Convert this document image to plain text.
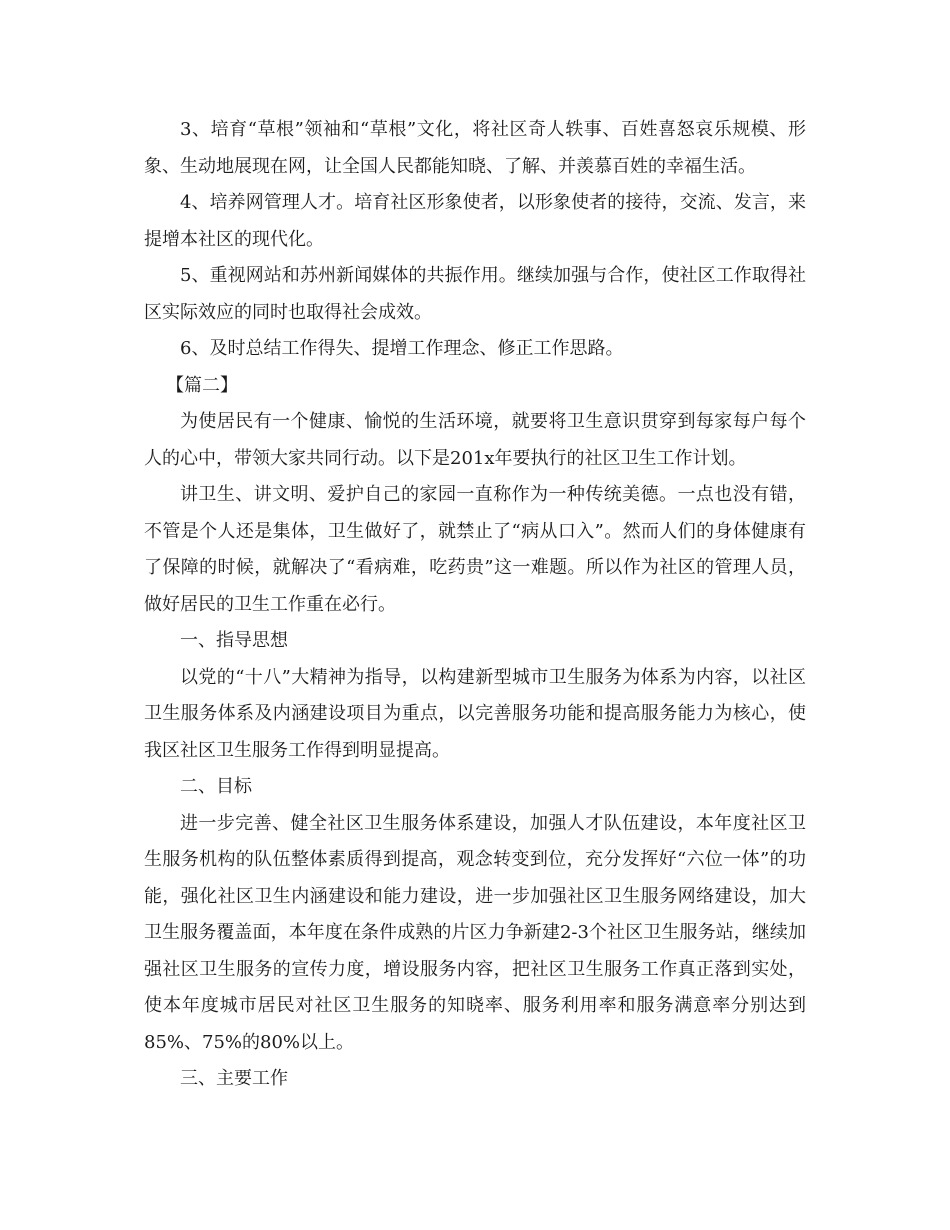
3、培育“草根”领袖和“草根”文化，将社区奇人轶事、百姓喜怒哀乐规模、形象、生动地展现在网，让全国人民都能知晓、了解、并羡慕百姓的幸福生活。

4、培养网管理人才。培育社区形象使者，以形象使者的接待，交流、发言，来提增本社区的现代化。

5、重视网站和苏州新闻媒体的共振作用。继续加强与合作，使社区工作取得社区实际效应的同时也取得社会成效。

6、及时总结工作得失、提增工作理念、修正工作思路。

【篇二】

为使居民有一个健康、愉悦的生活环境，就要将卫生意识贯穿到每家每户每个人的心中，带领大家共同行动。以下是201x年要执行的社区卫生工作计划。

讲卫生、讲文明、爱护自己的家园一直称作为一种传统美德。一点也没有错，不管是个人还是集体，卫生做好了，就禁止了“病从口入”。然而人们的身体健康有了保障的时候，就解决了“看病难，吃药贵”这一难题。所以作为社区的管理人员，做好居民的卫生工作重在必行。

一、指导思想

以党的“十八”大精神为指导，以构建新型城市卫生服务为体系为内容，以社区卫生服务体系及内涵建设项目为重点，以完善服务功能和提高服务能力为核心，使我区社区卫生服务工作得到明显提高。

二、目标

进一步完善、健全社区卫生服务体系建设，加强人才队伍建设，本年度社区卫生服务机构的队伍整体素质得到提高，观念转变到位，充分发挥好“六位一体”的功能，强化社区卫生内涵建设和能力建设，进一步加强社区卫生服务网络建设，加大卫生服务覆盖面，本年度在条件成熟的片区力争新建2-3个社区卫生服务站，继续加强社区卫生服务的宣传力度，增设服务内容，把社区卫生服务工作真正落到实处，使本年度城市居民对社区卫生服务的知晓率、服务利用率和服务满意率分别达到85%、75%的80%以上。

三、主要工作
